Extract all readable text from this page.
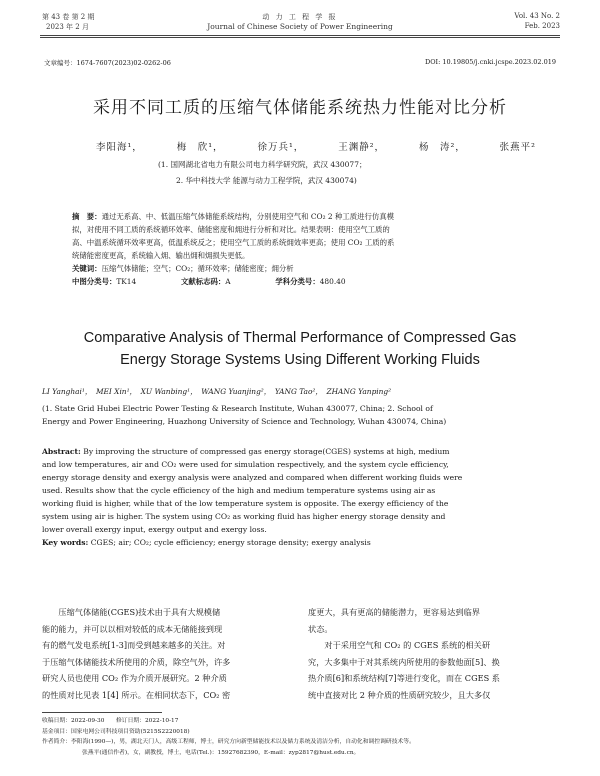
第 43 卷 第 2 期
2023 年 2 月
动 力 工 程 学 报
Journal of Chinese Society of Power Engineering
Vol. 43 No. 2
Feb. 2023
文章编号：1674-7607(2023)02-0262-06	DOI: 10.19805/j.cnki.jcspe.2023.02.019
采用不同工质的压缩气体储能系统热力性能对比分析
李阳海¹，	梅　欣¹，	徐万兵¹，	王渊静²，	杨　涛²，	张燕平²
(1. 国网湖北省电力有限公司电力科学研究院，武汉 430077；
2. 华中科技大学 能源与动力工程学院，武汉 430074)
摘　要：通过无系高、中、低温压缩气体储能系统结构，分别使用空气和 CO₂ 2 种工质进行仿真模
拟，对使用不同工质的系统循环效率、储能密度和㶲进行分析和对比。结果表明：使用空气工质的
高、中温系统循环效率更高，低温系统反之；使用空气工质的系统㶲效率更高；使用 CO₂ 工质的系
统储能密度更高，系统输入㶲、输出㶲和㶲损失更低。
关键词：压缩气体储能；空气；CO₂；循环效率；储能密度；㶲分析
中图分类号：TK14	文献标志码：A	学科分类号：480.40
Comparative Analysis of Thermal Performance of Compressed Gas
Energy Storage Systems Using Different Working Fluids
LI Yanghai¹，　MEI Xin¹，　XU Wanbing¹，　WANG Yuanjing²，　YANG Tao²，　ZHANG Yanping²
(1. State Grid Hubei Electric Power Testing & Research Institute, Wuhan 430077, China; 2. School of
Energy and Power Engineering, Huazhong University of Science and Technology, Wuhan 430074, China)
Abstract: By improving the structure of compressed gas energy storage(CGES) systems at high, medium
and low temperatures, air and CO₂ were used for simulation respectively, and the system cycle efficiency,
energy storage density and exergy analysis were analyzed and compared when different working fluids were
used. Results show that the cycle efficiency of the high and medium temperature systems using air as
working fluid is higher, while that of the low temperature system is opposite. The exergy efficiency of the
system using air is higher. The system using CO₂ as working fluid has higher energy storage density and
lower overall exergy input, exergy output and exergy loss.
Key words: CGES; air; CO₂; cycle efficiency; energy storage density; exergy analysis
　　压缩气体储能(CGES)技术由于具有大规模储
能的能力，并可以以相对较低的成本无储能接到现
有的燃气发电系统[1-3]而受到越来越多的关注。对
于压缩气体储能技术所使用的介质，除空气外，许多
研究人员也使用 CO₂ 作为介质开展研究。2 种介质
的性质对比见表 1[4] 所示。在相同状态下，CO₂ 密
度更大，具有更高的储能潜力，更容易达到临界
状态。
　　对于采用空气和 CO₂ 的 CGES 系统的相关研
究，大多集中于对其系统内所使用的参数他面[5]、换
热介质[6]和系统结构[7]等进行变化，而在 CGES 系
统中直接对比 2 种介质的性质研究较少，且大多仅
收稿日期：2022-09-30　　修订日期：2022-10-17
基金项目：国家电网公司科技项目资助(5215S2220018)
作者简介：李阳海(1990—)，男，湖北天门人，高级工程师，博士，研究方向新型储能技术以及储力系统及清洁分析，自动化和调控调研技术等。
张燕平(通信作者)，女，副教授，博士，电话(Tel.)：15927682390，E-mail：zyp2817@hust.edu.cn。
